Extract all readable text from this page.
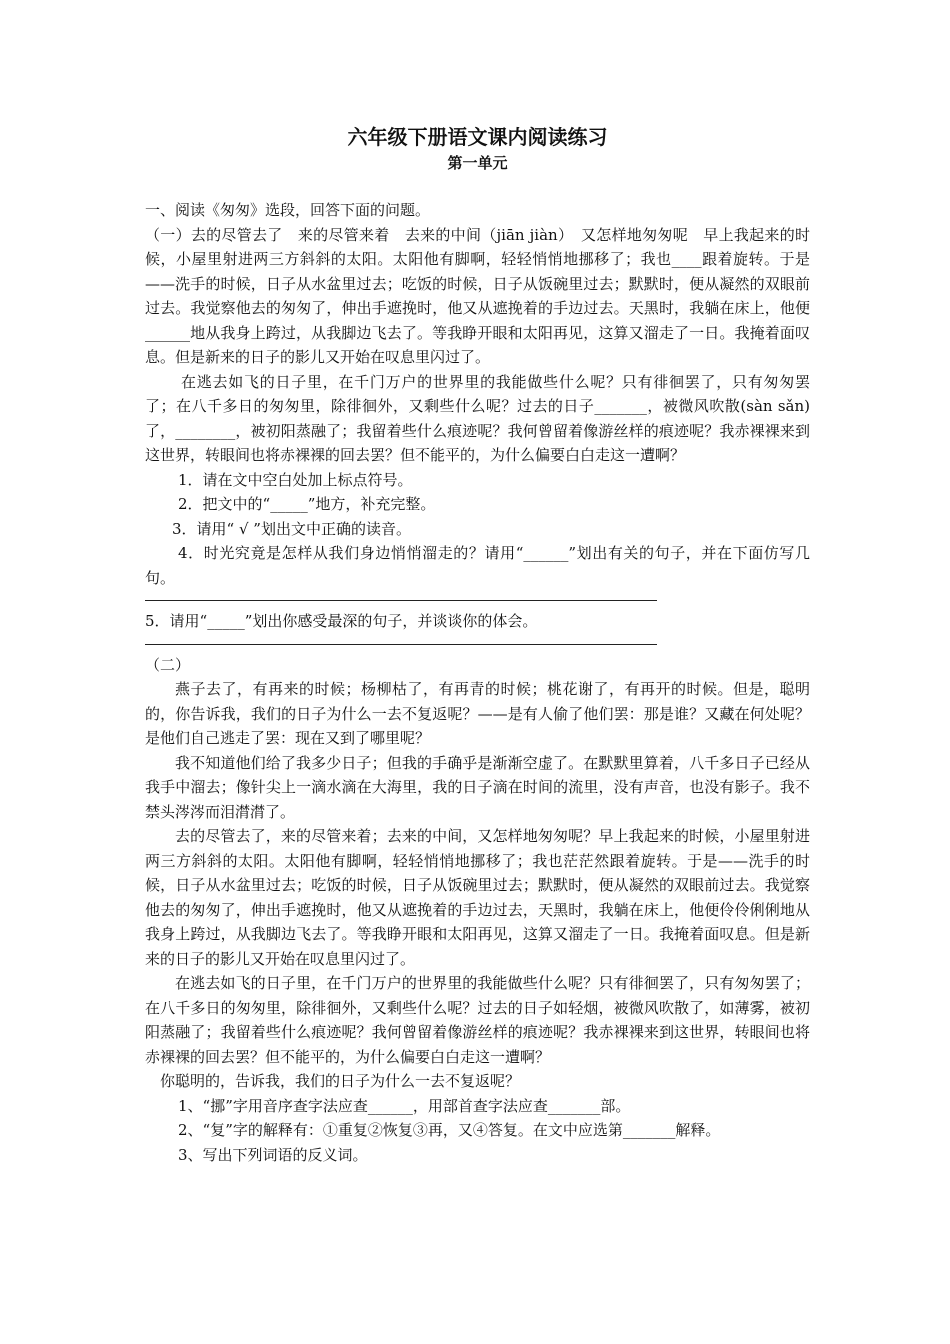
六年级下册语文课内阅读练习
第一单元

一、阅读《匆匆》选段，回答下面的问题。

（一）去的尽管去了　来的尽管来着　去来的中间（jiān jiàn）　又怎样地匆匆呢　早上我起来的时候，小屋里射进两三方斜斜的太阳。太阳他有脚啊，轻轻悄悄地挪移了；我也____跟着旋转。于是——洗手的时候，日子从水盆里过去；吃饭的时候，日子从饭碗里过去；默默时，便从凝然的双眼前过去。我觉察他去的匆匆了，伸出手遮挽时，他又从遮挽着的手边过去。天黑时，我躺在床上，他便______地从我身上跨过，从我脚边飞去了。等我睁开眼和太阳再见，这算又溜走了一日。我掩着面叹息。但是新来的日子的影儿又开始在叹息里闪过了。

在逃去如飞的日子里，在千门万户的世界里的我能做些什么呢？只有徘徊罢了，只有匆匆罢了；在八千多日的匆匆里，除徘徊外，又剩些什么呢？过去的日子_______，被微风吹散(sàn sǎn)了，________，被初阳蒸融了；我留着些什么痕迹呢？我何曾留着像游丝样的痕迹呢？我赤裸裸来到这世界，转眼间也将赤裸裸的回去罢？但不能平的，为什么偏要白白走这一遭啊？

1．请在文中空白处加上标点符号。

2．把文中的“_____”地方，补充完整。

3．请用“ √ ”划出文中正确的读音。

4．时光究竟是怎样从我们身边悄悄溜走的？请用“______”划出有关的句子，并在下面仿写几句。

5．请用“_____”划出你感受最深的句子，并谈谈你的体会。

（二）

燕子去了，有再来的时候；杨柳枯了，有再青的时候；桃花谢了，有再开的时候。但是，聪明的，你告诉我，我们的日子为什么一去不复返呢？——是有人偷了他们罢：那是谁？又藏在何处呢？是他们自己逃走了罢：现在又到了哪里呢？

我不知道他们给了我多少日子；但我的手确乎是渐渐空虚了。在默默里算着，八千多日子已经从我手中溜去；像针尖上一滴水滴在大海里，我的日子滴在时间的流里，没有声音，也没有影子。我不禁头涔涔而泪潸潸了。

去的尽管去了，来的尽管来着；去来的中间，又怎样地匆匆呢？早上我起来的时候，小屋里射进两三方斜斜的太阳。太阳他有脚啊，轻轻悄悄地挪移了；我也茫茫然跟着旋转。于是——洗手的时候，日子从水盆里过去；吃饭的时候，日子从饭碗里过去；默默时，便从凝然的双眼前过去。我觉察他去的匆匆了，伸出手遮挽时，他又从遮挽着的手边过去，天黑时，我躺在床上，他便伶伶俐俐地从我身上跨过，从我脚边飞去了。等我睁开眼和太阳再见，这算又溜走了一日。我掩着面叹息。但是新来的日子的影儿又开始在叹息里闪过了。

在逃去如飞的日子里，在千门万户的世界里的我能做些什么呢？只有徘徊罢了，只有匆匆罢了；在八千多日的匆匆里，除徘徊外，又剩些什么呢？过去的日子如轻烟，被微风吹散了，如薄雾，被初阳蒸融了；我留着些什么痕迹呢？我何曾留着像游丝样的痕迹呢？我赤裸裸来到这世界，转眼间也将赤裸裸的回去罢？但不能平的，为什么偏要白白走这一遭啊？

你聪明的，告诉我，我们的日子为什么一去不复返呢？

1、“挪”字用音序查字法应查______，用部首查字法应查_______部。

2、“复”字的解释有：①重复②恢复③再，又④答复。在文中应选第_______解释。

3、写出下列词语的反义词。
